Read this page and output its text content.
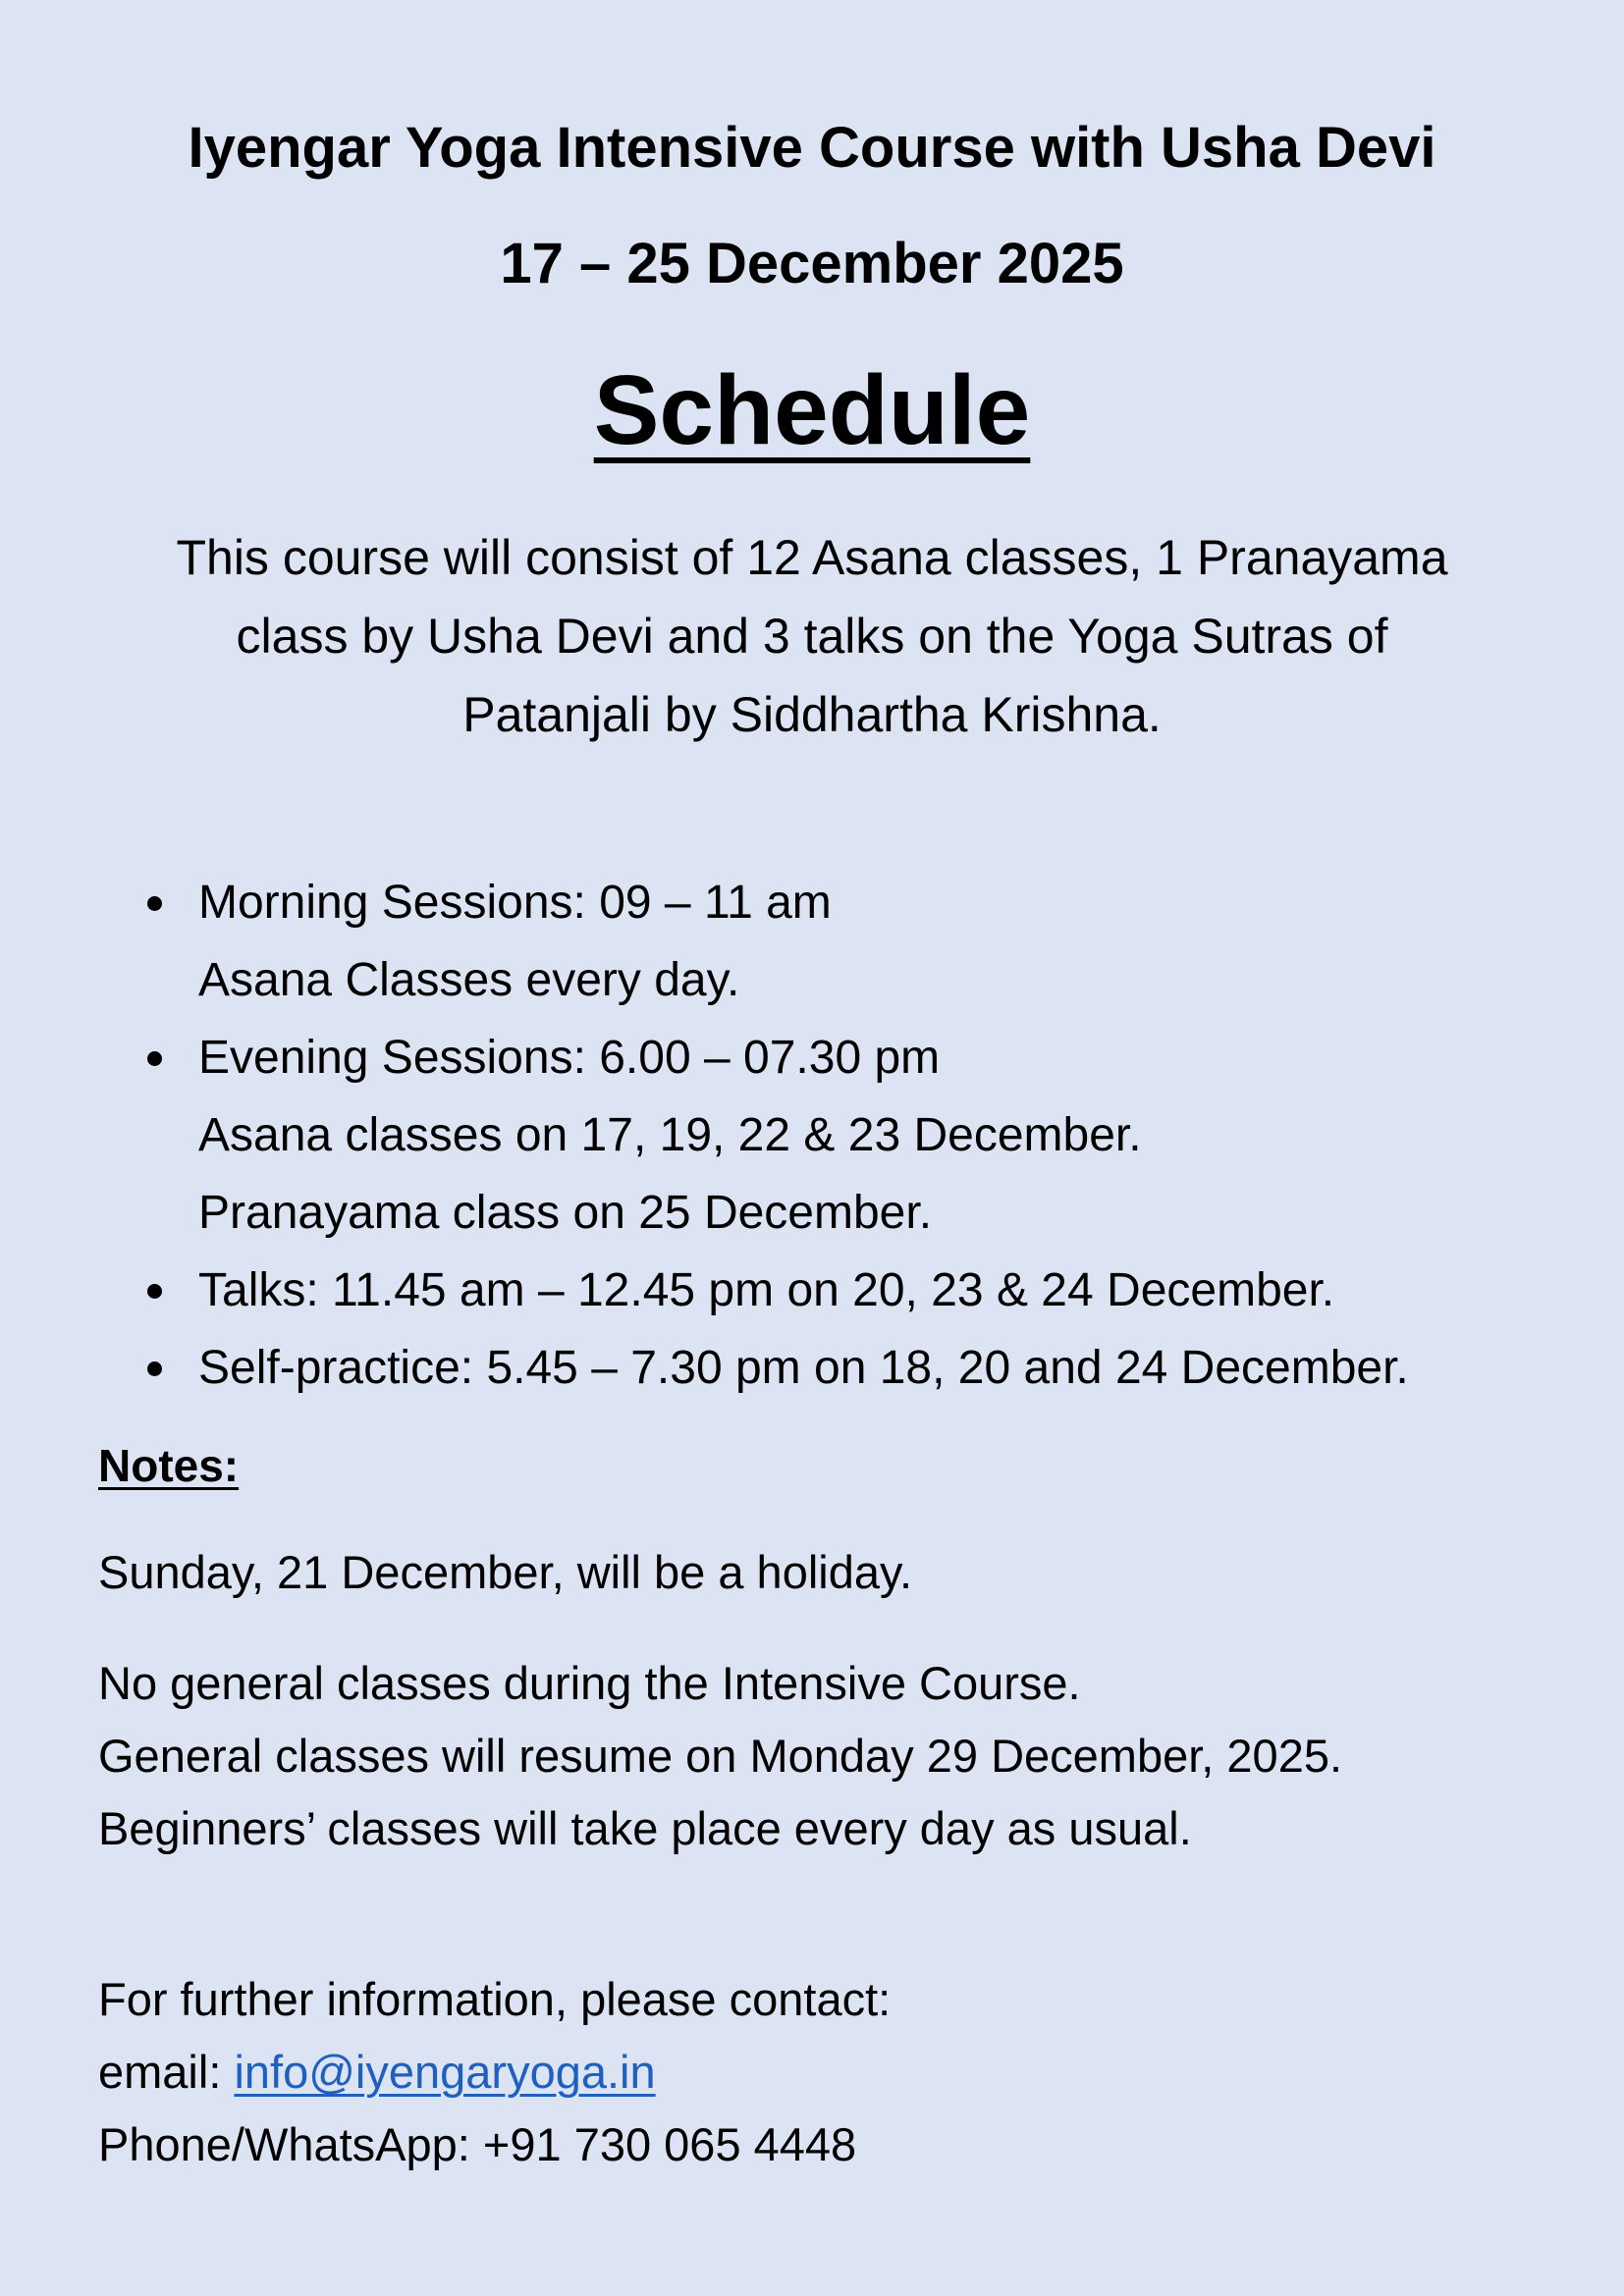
Iyengar Yoga Intensive Course with Usha Devi
17 – 25 December 2025
Schedule

This course will consist of 12 Asana classes, 1 Pranayama
class by Usha Devi and 3 talks on the Yoga Sutras of
Patanjali by Siddhartha Krishna.

Morning Sessions: 09 – 11 am
Asana Classes every day.
Evening Sessions: 6.00 – 07.30 pm
Asana classes on 17, 19, 22 & 23 December.
Pranayama class on 25 December.
Talks: 11.45 am – 12.45 pm on 20, 23 & 24 December.
Self-practice: 5.45 – 7.30 pm on 18, 20 and 24 December.
Notes:

Sunday, 21 December, will be a holiday.

No general classes during the Intensive Course.
General classes will resume on Monday 29 December, 2025.
Beginners’ classes will take place every day as usual.

For further information, please contact:
email: info@iyengaryoga.in
Phone/WhatsApp: +91 730 065 4448
